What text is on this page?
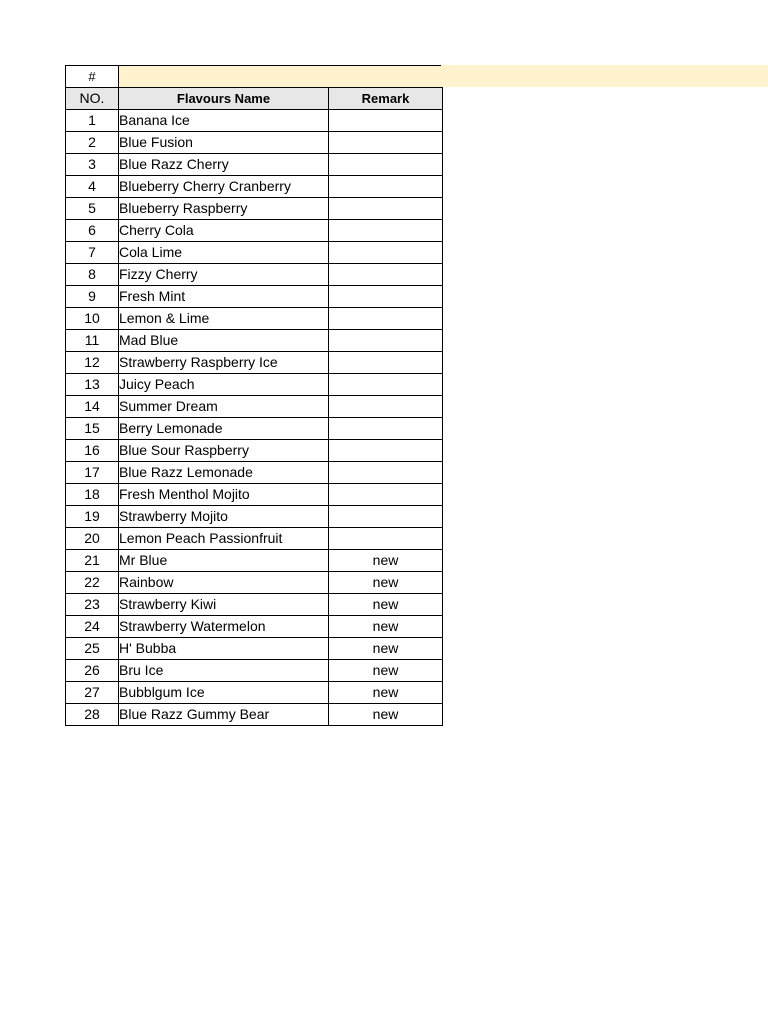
#
NO.	Flavours Name	Remark
1	Banana Ice	
2	Blue Fusion	
3	Blue Razz Cherry	
4	Blueberry Cherry Cranberry	
5	Blueberry Raspberry	
6	Cherry Cola	
7	Cola Lime	
8	Fizzy Cherry	
9	Fresh Mint	
10	Lemon & Lime	
11	Mad Blue	
12	Strawberry Raspberry Ice	
13	Juicy Peach	
14	Summer Dream	
15	Berry Lemonade	
16	Blue Sour Raspberry	
17	Blue Razz Lemonade	
18	Fresh Menthol Mojito	
19	Strawberry Mojito	
20	Lemon Peach Passionfruit	
21	Mr Blue	new
22	Rainbow	new
23	Strawberry Kiwi	new
24	Strawberry Watermelon	new
25	H' Bubba	new
26	Bru Ice	new
27	Bubblgum Ice	new
28	Blue Razz Gummy Bear	new
